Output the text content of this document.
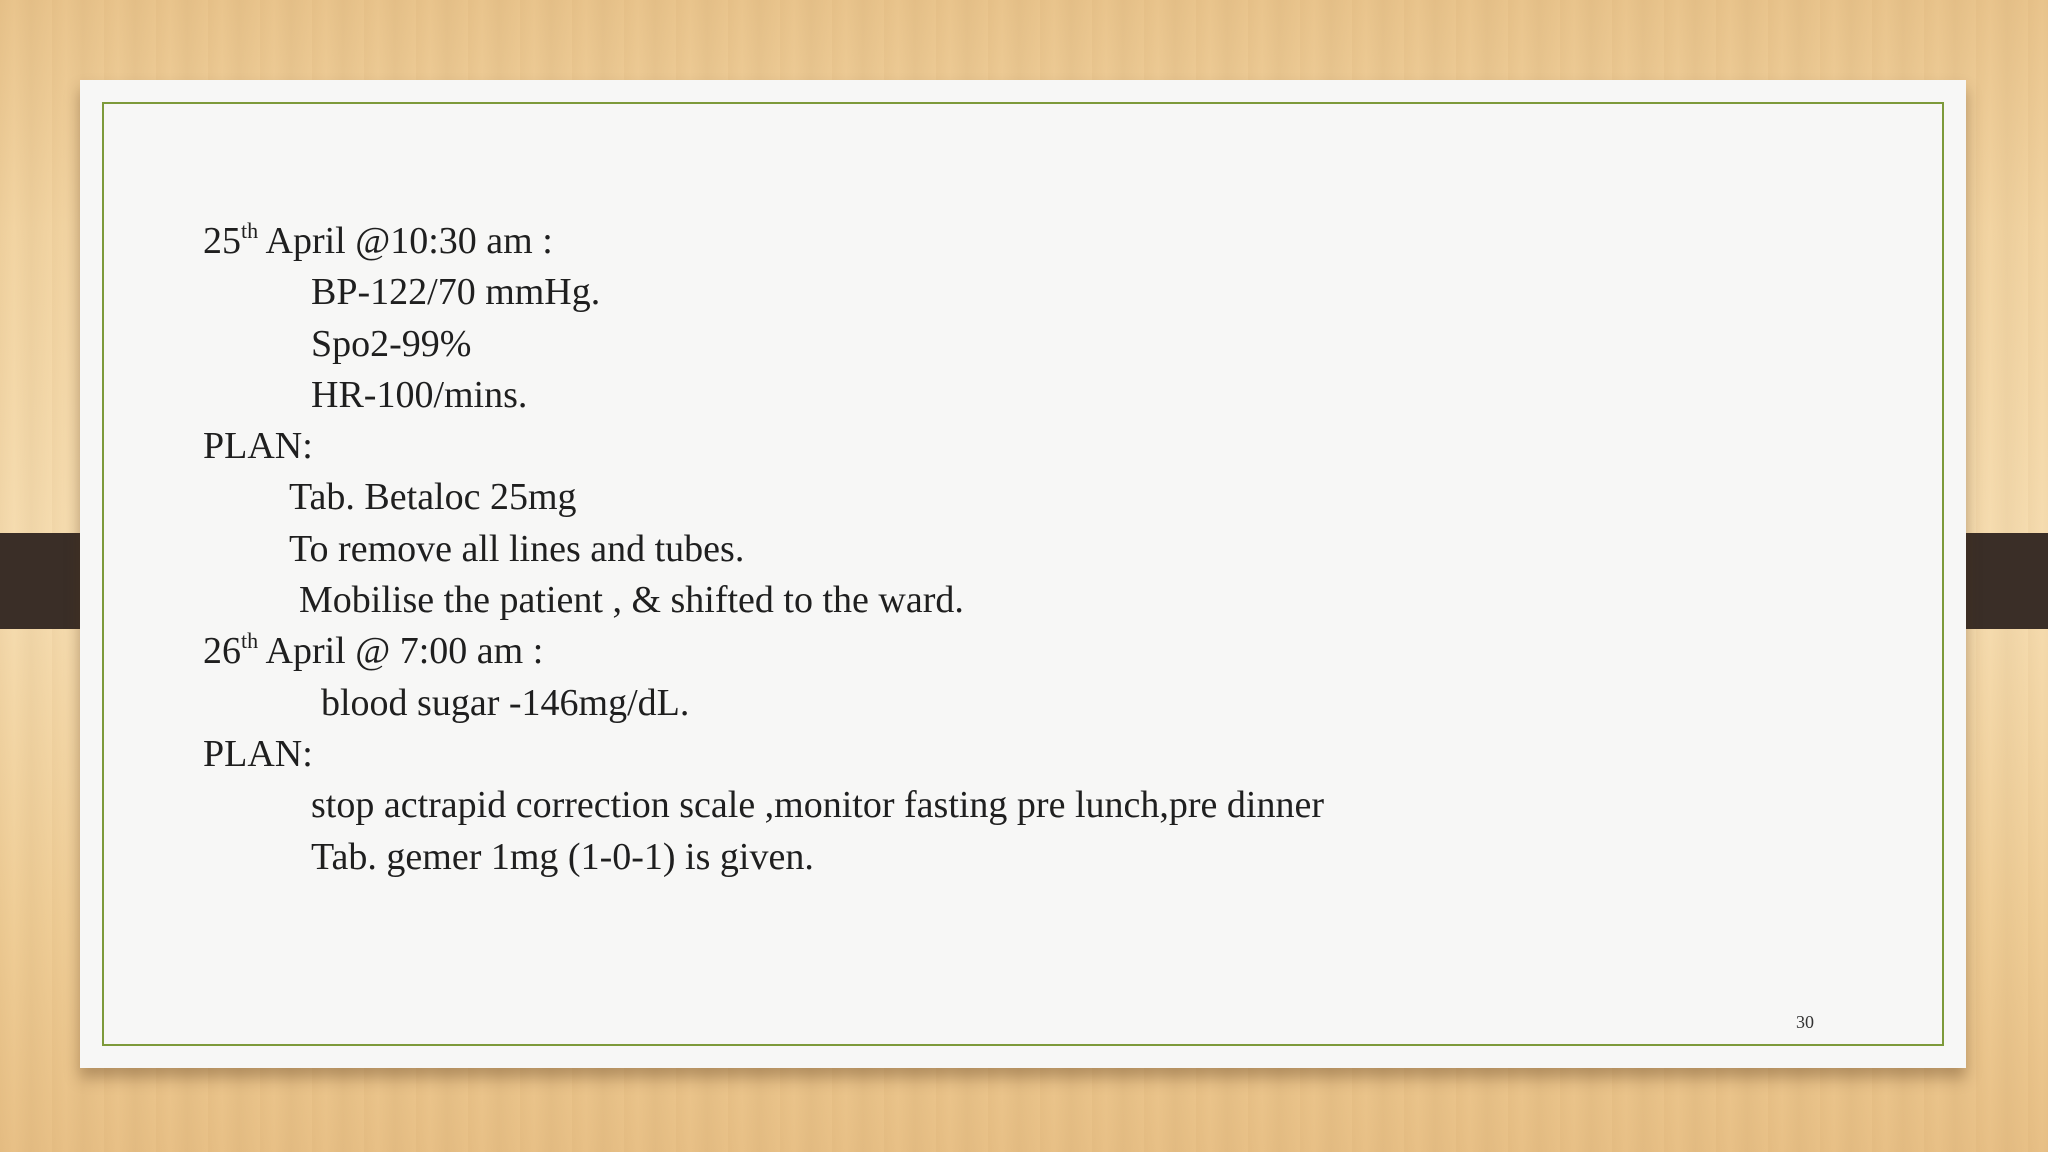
25th April @10:30 am :
BP-122/70 mmHg.
Spo2-99%
HR-100/mins.
PLAN:
Tab. Betaloc 25mg
To remove all lines and tubes.
Mobilise the patient , & shifted to the ward.
26th April @ 7:00 am :
blood sugar -146mg/dL.
PLAN:
stop actrapid correction scale ,monitor fasting pre lunch,pre dinner
Tab. gemer 1mg (1-0-1) is given.
30
